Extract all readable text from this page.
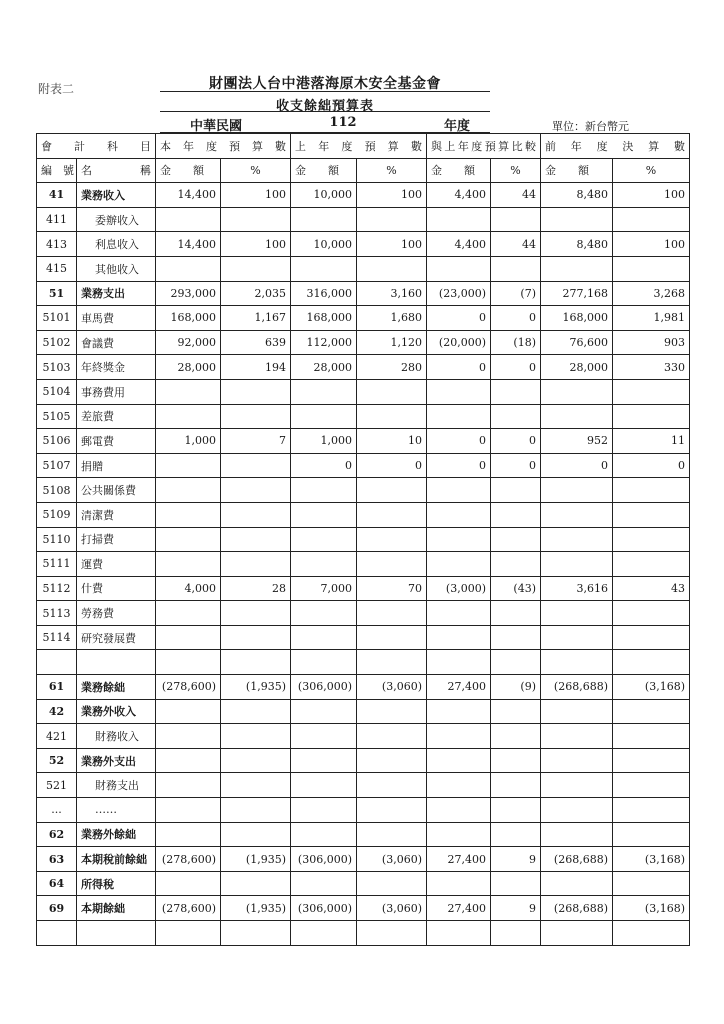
附表二	財團法人台中港落海原木安全基金會
收支餘絀預算表
中華民國	112	年度	單位：新台幣元
會　計　科　目		本　年　度　預　算　數		上　年　度　預　算　數		與上年度預算比較		前　年　度　決　算　數	

編　號	名　　稱	金　　額	%	金　　額	%	金　　額	%	金　　額	%
41	業務收入	14,400	100	10,000	100	4,400	44	8,480	100
411	委辦收入								
413	利息收入	14,400	100	10,000	100	4,400	44	8,480	100
415	其他收入								
51	業務支出	293,000	2,035	316,000	3,160	(23,000)	(7)	277,168	3,268
5101	車馬費	168,000	1,167	168,000	1,680	0	0	168,000	1,981
5102	會議費	92,000	639	112,000	1,120	(20,000)	(18)	76,600	903
5103	年終獎金	28,000	194	28,000	280	0	0	28,000	330
5104	事務費用								
5105	差旅費								
5106	郵電費	1,000	7	1,000	10	0	0	952	11
5107	捐贈			0	0	0	0	0	0
5108	公共關係費								
5109	清潔費								
5110	打掃費								
5111	運費								
5112	什費	4,000	28	7,000	70	(3,000)	(43)	3,616	43
5113	勞務費								
5114	研究發展費								

61	業務餘絀	(278,600)	(1,935)	(306,000)	(3,060)	27,400	(9)	(268,688)	(3,168)
42	業務外收入								
421	財務收入								
52	業務外支出								
521	財務支出								
...	……								
62	業務外餘絀								
63	本期稅前餘絀	(278,600)	(1,935)	(306,000)	(3,060)	27,400	9	(268,688)	(3,168)
64	所得稅								
69	本期餘絀	(278,600)	(1,935)	(306,000)	(3,060)	27,400	9	(268,688)	(3,168)
